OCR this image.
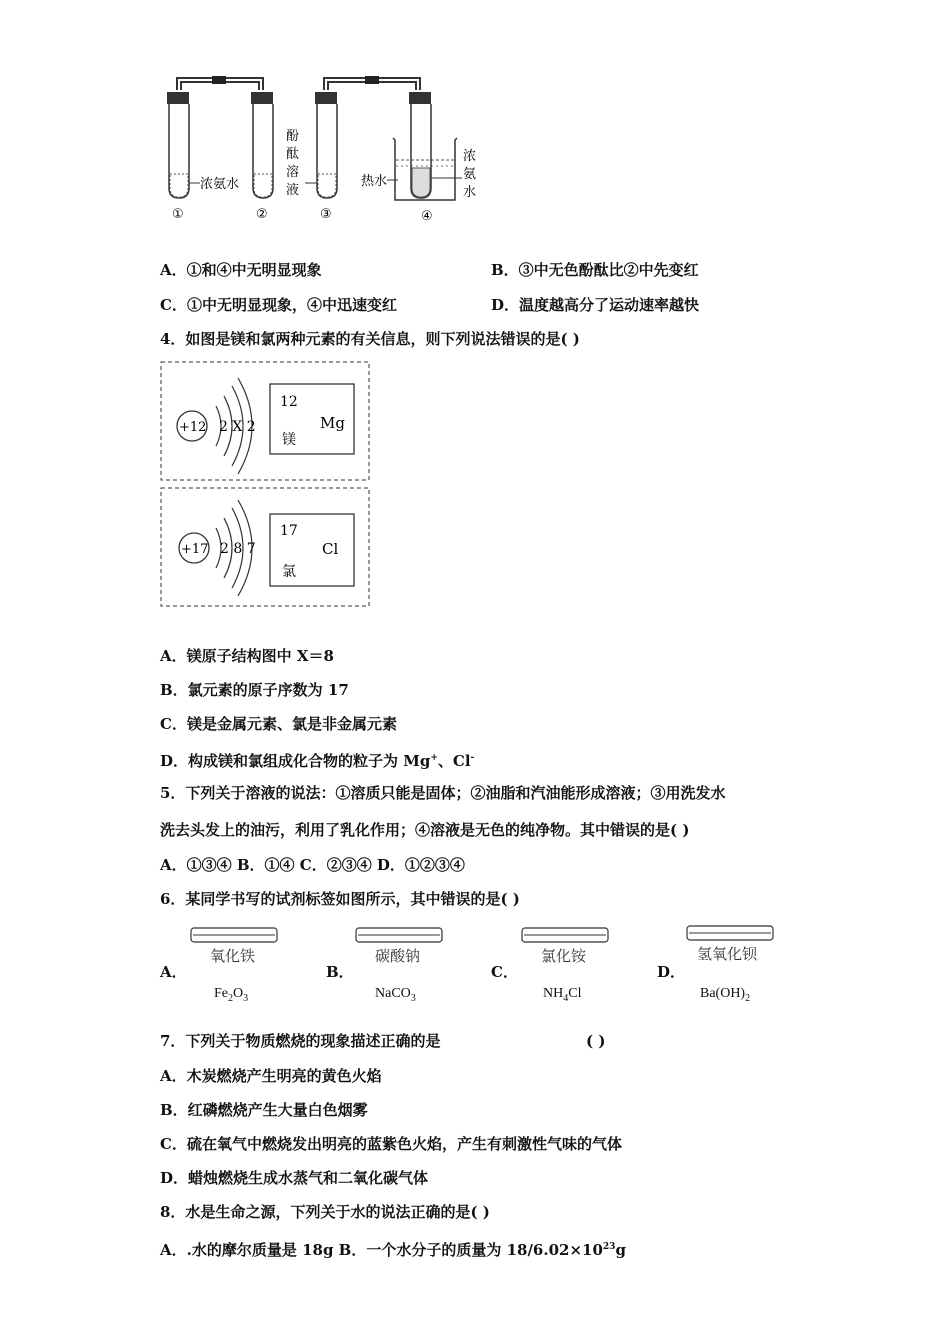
浓氨水
酚
酞
溶
液
热水
浓
氨
水
①	②	③	④
A．①和④中无明显现象	B．③中无色酚酞比②中先变红
C．①中无明显现象，④中迅速变红	D．温度越高分了运动速率越快
4．如图是镁和氯两种元素的有关信息，则下列说法错误的是( )
+12 2 X 2
12
Mg
镁
+17 2 8 7
17
Cl
氯
A．镁原子结构图中 X＝8
B．氯元素的原子序数为 17
C．镁是金属元素、氯是非金属元素
D．构成镁和氯组成化合物的粒子为 Mg+、Cl-
5．下列关于溶液的说法：①溶质只能是固体；②油脂和汽油能形成溶液；③用洗发水
洗去头发上的油污，利用了乳化作用；④溶液是无色的纯净物。其中错误的是( )
A．①③④ B．①④ C．②③④ D．①②③④
6．某同学书写的试剂标签如图所示，其中错误的是( )
A．
氧化铁
$Fe_2O_3$
B．
碳酸钠
NaCO$_3$
C．
氯化铵
$NH_4Cl$
D．
氢氧化钡
$Ba(OH)_2$
7．下列关于物质燃烧的现象描述正确的是	( )
A．木炭燃烧产生明亮的黄色火焰
B．红磷燃烧产生大量白色烟雾
C．硫在氧气中燃烧发出明亮的蓝紫色火焰，产生有刺激性气味的气体
D．蜡烛燃烧生成水蒸气和二氧化碳气体
8．水是生命之源，下列关于水的说法正确的是( )
A．.水的摩尔质量是 18g B．一个水分子的质量为 $18/6.02\times 10^{23}g$
